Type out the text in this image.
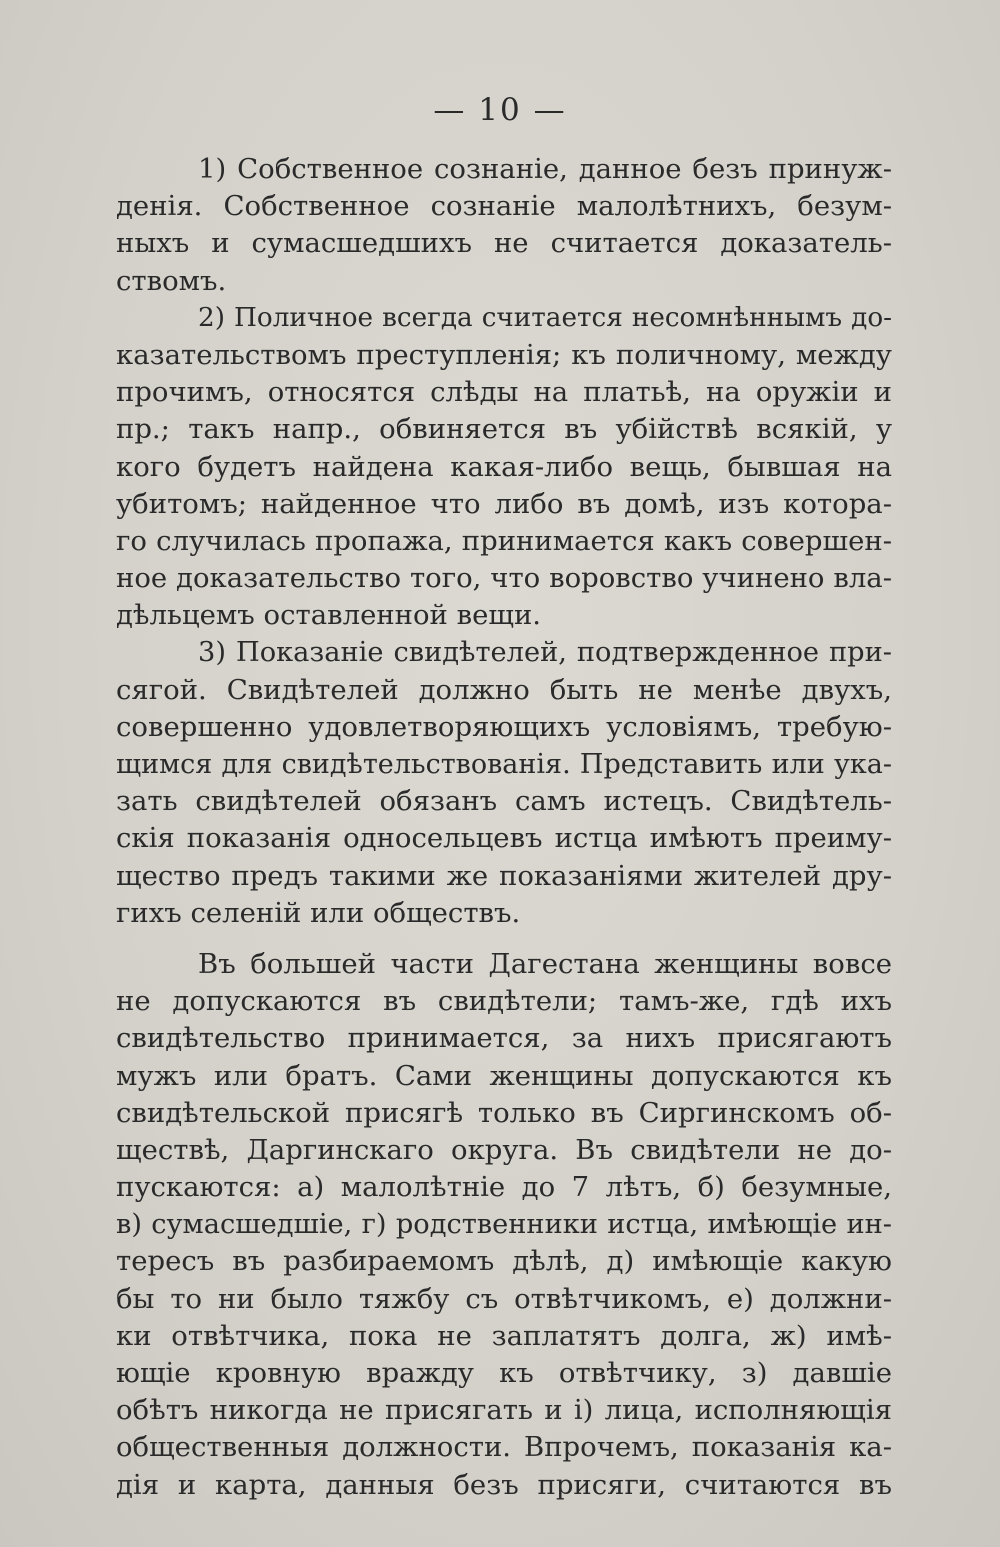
— 10 —
1) Собственное сознанie, данное безъ принуж-
денiя. Собственное сознанie малолѣтнихъ, безум-
ныхъ и сумасшедшихъ не считается доказатель-
ствомъ.
2) Поличное всегда считается несомнѣннымъ до-
казательствомъ преступленiя; къ поличному, между
прочимъ, относятся слѣды на платьѣ, на оружiи и
пр.; такъ напр., обвиняется въ убiйствѣ всякiй, у
кого будетъ найдена какая-либо вещь, бывшая на
убитомъ; найденное что либо въ домѣ, изъ котора-
го случилась пропажа, принимается какъ совершен-
ное доказательство того, что воровство учинено вла-
дѣльцемъ оставленной вещи.
3) Показанie свидѣтелей, подтвержденное при-
сягой. Свидѣтелей должно быть не менѣе двухъ,
совершенно удовлетворяющихъ условiямъ, требую-
щимся для свидѣтельствованiя. Представить или ука-
зать свидѣтелей обязанъ самъ истецъ. Свидѣтель-
скiя показанiя односельцевъ истца имѣютъ преиму-
щество предъ такими же показанiями жителей дру-
гихъ селенiй или обществъ.
Въ большей части Дагестана женщины вовсе
не допускаются въ свидѣтели; тамъ-же, гдѣ ихъ
свидѣтельство принимается, за нихъ присягаютъ
мужъ или братъ. Сами женщины допускаются къ
свидѣтельской присягѣ только въ Сиргинскомъ об-
ществѣ, Даргинскаго округа. Въ свидѣтели не до-
пускаются: а) малолѣтнiе до 7 лѣтъ, б) безумные,
в) сумасшедшiе, г) родственники истца, имѣющiе ин-
тересъ въ разбираемомъ дѣлѣ, д) имѣющiе какую
бы то ни было тяжбу съ отвѣтчикомъ, е) должни-
ки отвѣтчика, пока не заплатятъ долга, ж) имѣ-
ющiе кровную вражду къ отвѣтчику, з) давшiе
обѣтъ никогда не присягать и i) лица, исполняющiя
общественныя должности. Впрочемъ, показанiя ка-
дiя и карта, данныя безъ присяги, считаются въ
